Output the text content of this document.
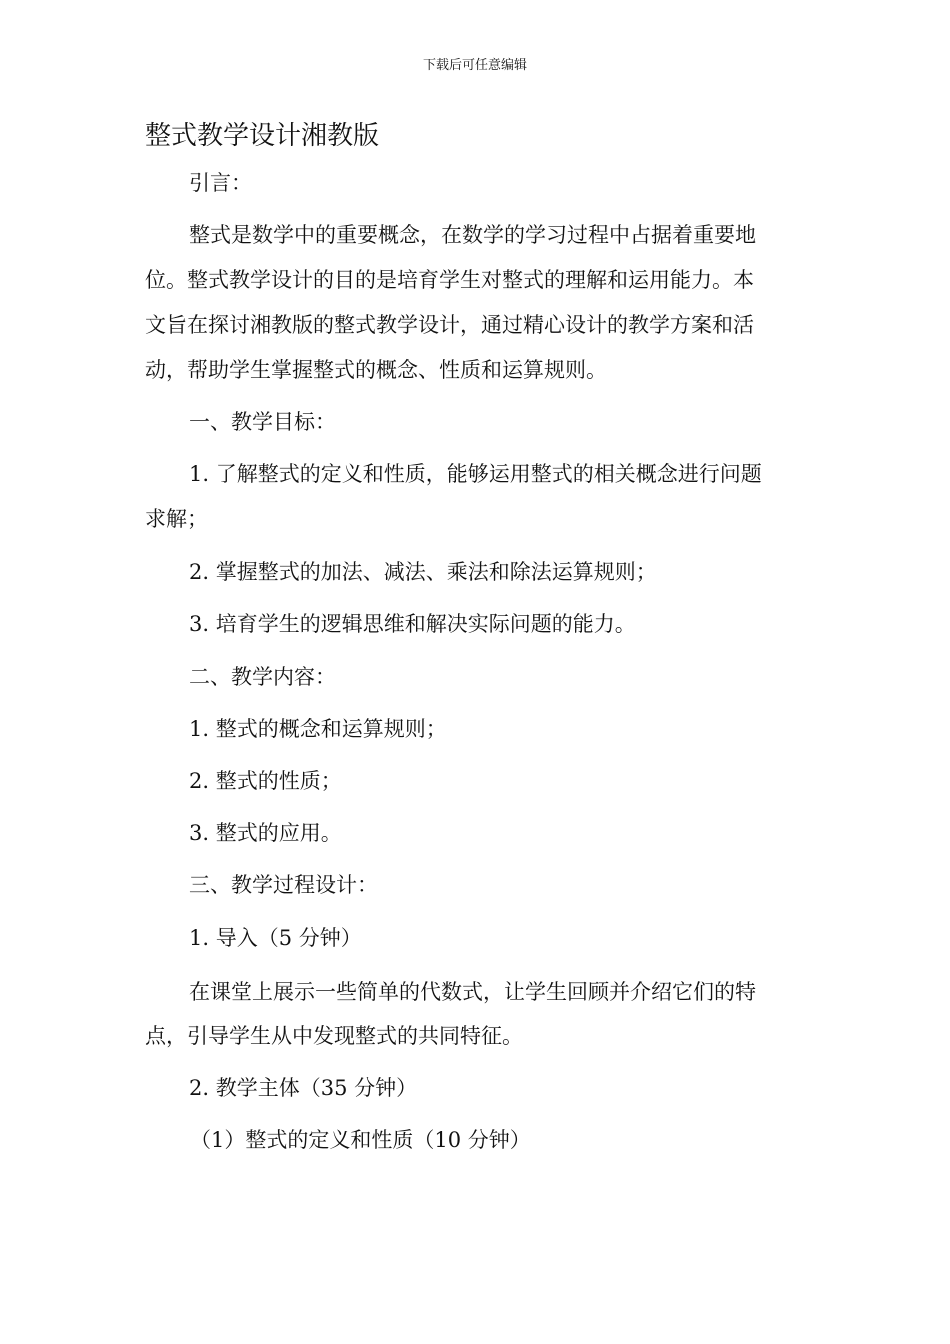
下载后可任意编辑
整式教学设计湘教版
引言：
整式是数学中的重要概念，在数学的学习过程中占据着重要地
位。整式教学设计的目的是培育学生对整式的理解和运用能力。本
文旨在探讨湘教版的整式教学设计，通过精心设计的教学方案和活
动，帮助学生掌握整式的概念、性质和运算规则。
一、教学目标：
1. 了解整式的定义和性质，能够运用整式的相关概念进行问题
求解；
2. 掌握整式的加法、减法、乘法和除法运算规则；
3. 培育学生的逻辑思维和解决实际问题的能力。
二、教学内容：
1. 整式的概念和运算规则；
2. 整式的性质；
3. 整式的应用。
三、教学过程设计：
1. 导入（5 分钟）
在课堂上展示一些简单的代数式，让学生回顾并介绍它们的特
点，引导学生从中发现整式的共同特征。
2. 教学主体（35 分钟）
（1）整式的定义和性质（10 分钟）
